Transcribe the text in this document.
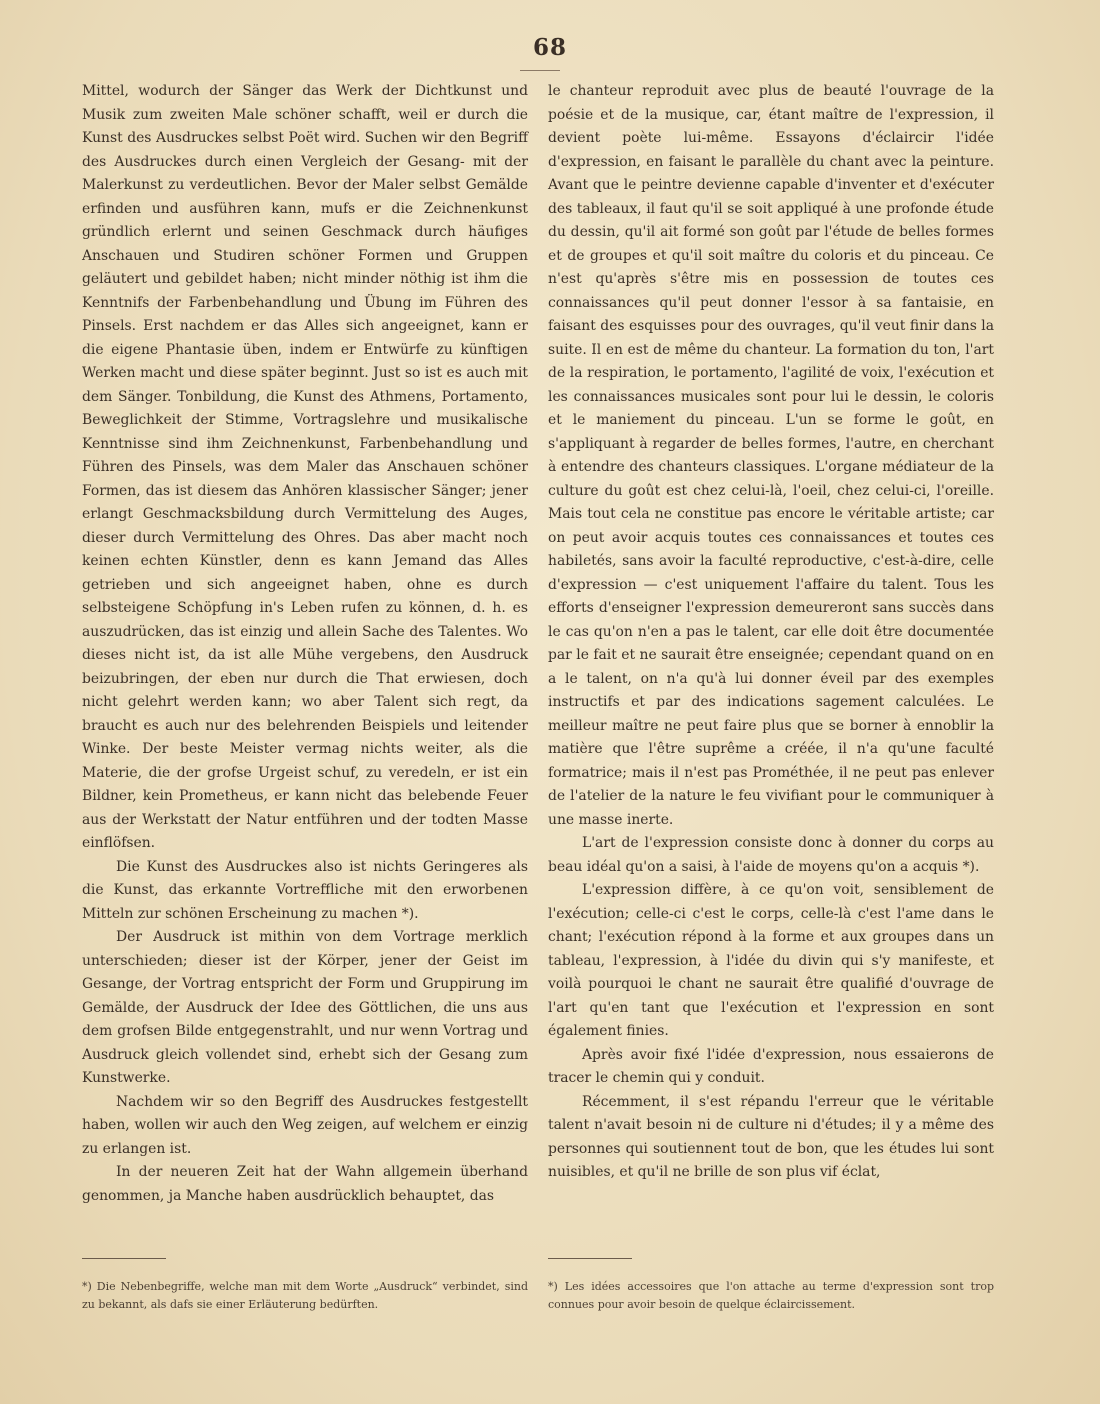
68

Mittel, wodurch der Sänger das Werk der Dichtkunst und Musik zum zweiten Male schöner schafft, weil er durch die Kunst des Ausdruckes selbst Poët wird. Suchen wir den Begriff des Ausdruckes durch einen Vergleich der Gesang- mit der Malerkunst zu verdeutlichen. Bevor der Maler selbst Gemälde erfinden und ausführen kann, mufs er die Zeichnenkunst gründlich erlernt und seinen Geschmack durch häufiges Anschauen und Studiren schöner Formen und Gruppen geläutert und gebildet haben; nicht minder nöthig ist ihm die Kenntnifs der Farbenbehandlung und Übung im Führen des Pinsels. Erst nachdem er das Alles sich angeeignet, kann er die eigene Phantasie üben, indem er Entwürfe zu künftigen Werken macht und diese später beginnt. Just so ist es auch mit dem Sänger. Tonbildung, die Kunst des Athmens, Portamento, Beweglichkeit der Stimme, Vortragslehre und musikalische Kenntnisse sind ihm Zeichnenkunst, Farbenbehandlung und Führen des Pinsels, was dem Maler das Anschauen schöner Formen, das ist diesem das Anhören klassischer Sänger; jener erlangt Geschmacksbildung durch Vermittelung des Auges, dieser durch Vermittelung des Ohres. Das aber macht noch keinen echten Künstler, denn es kann Jemand das Alles getrieben und sich angeeignet haben, ohne es durch selbsteigene Schöpfung in's Leben rufen zu können, d. h. es auszudrücken, das ist einzig und allein Sache des Talentes. Wo dieses nicht ist, da ist alle Mühe vergebens, den Ausdruck beizubringen, der eben nur durch die That erwiesen, doch nicht gelehrt werden kann; wo aber Talent sich regt, da braucht es auch nur des belehrenden Beispiels und leitender Winke. Der beste Meister vermag nichts weiter, als die Materie, die der grofse Urgeist schuf, zu veredeln, er ist ein Bildner, kein Prometheus, er kann nicht das belebende Feuer aus der Werkstatt der Natur entführen und der todten Masse einflöfsen.

Die Kunst des Ausdruckes also ist nichts Geringeres als die Kunst, das erkannte Vortreffliche mit den erworbenen Mitteln zur schönen Erscheinung zu machen *).

Der Ausdruck ist mithin von dem Vortrage merklich unterschieden; dieser ist der Körper, jener der Geist im Gesange, der Vortrag entspricht der Form und Gruppirung im Gemälde, der Ausdruck der Idee des Göttlichen, die uns aus dem grofsen Bilde entgegenstrahlt, und nur wenn Vortrag und Ausdruck gleich vollendet sind, erhebt sich der Gesang zum Kunstwerke.

Nachdem wir so den Begriff des Ausdruckes festgestellt haben, wollen wir auch den Weg zeigen, auf welchem er einzig zu erlangen ist.

In der neueren Zeit hat der Wahn allgemein überhand genommen, ja Manche haben ausdrücklich behauptet, das

le chanteur reproduit avec plus de beauté l'ouvrage de la poésie et de la musique, car, étant maître de l'expression, il devient poète lui-même. Essayons d'éclaircir l'idée d'expression, en faisant le parallèle du chant avec la peinture. Avant que le peintre devienne capable d'inventer et d'exécuter des tableaux, il faut qu'il se soit appliqué à une profonde étude du dessin, qu'il ait formé son goût par l'étude de belles formes et de groupes et qu'il soit maître du coloris et du pinceau. Ce n'est qu'après s'être mis en possession de toutes ces connaissances qu'il peut donner l'essor à sa fantaisie, en faisant des esquisses pour des ouvrages, qu'il veut finir dans la suite. Il en est de même du chanteur. La formation du ton, l'art de la respiration, le portamento, l'agilité de voix, l'exécution et les connaissances musicales sont pour lui le dessin, le coloris et le maniement du pinceau. L'un se forme le goût, en s'appliquant à regarder de belles formes, l'autre, en cherchant à entendre des chanteurs classiques. L'organe médiateur de la culture du goût est chez celui-là, l'oeil, chez celui-ci, l'oreille. Mais tout cela ne constitue pas encore le véritable artiste; car on peut avoir acquis toutes ces connaissances et toutes ces habiletés, sans avoir la faculté reproductive, c'est-à-dire, celle d'expression — c'est uniquement l'affaire du talent. Tous les efforts d'enseigner l'expression demeureront sans succès dans le cas qu'on n'en a pas le talent, car elle doit être documentée par le fait et ne saurait être enseignée; cependant quand on en a le talent, on n'a qu'à lui donner éveil par des exemples instructifs et par des indications sagement calculées. Le meilleur maître ne peut faire plus que se borner à ennoblir la matière que l'être suprême a créée, il n'a qu'une faculté formatrice; mais il n'est pas Prométhée, il ne peut pas enlever de l'atelier de la nature le feu vivifiant pour le communiquer à une masse inerte.

L'art de l'expression consiste donc à donner du corps au beau idéal qu'on a saisi, à l'aide de moyens qu'on a acquis *).

L'expression diffère, à ce qu'on voit, sensiblement de l'exécution; celle-ci c'est le corps, celle-là c'est l'ame dans le chant; l'exécution répond à la forme et aux groupes dans un tableau, l'expression, à l'idée du divin qui s'y manifeste, et voilà pourquoi le chant ne saurait être qualifié d'ouvrage de l'art qu'en tant que l'exécution et l'expression en sont également finies.

Après avoir fixé l'idée d'expression, nous essaierons de tracer le chemin qui y conduit.

Récemment, il s'est répandu l'erreur que le véritable talent n'avait besoin ni de culture ni d'études; il y a même des personnes qui soutiennent tout de bon, que les études lui sont nuisibles, et qu'il ne brille de son plus vif éclat,

*) Die Nebenbegriffe, welche man mit dem Worte „Ausdruck“ verbindet, sind zu bekannt, als dafs sie einer Erläuterung bedürften.
*) Les idées accessoires que l'on attache au terme d'expression sont trop connues pour avoir besoin de quelque éclaircissement.
